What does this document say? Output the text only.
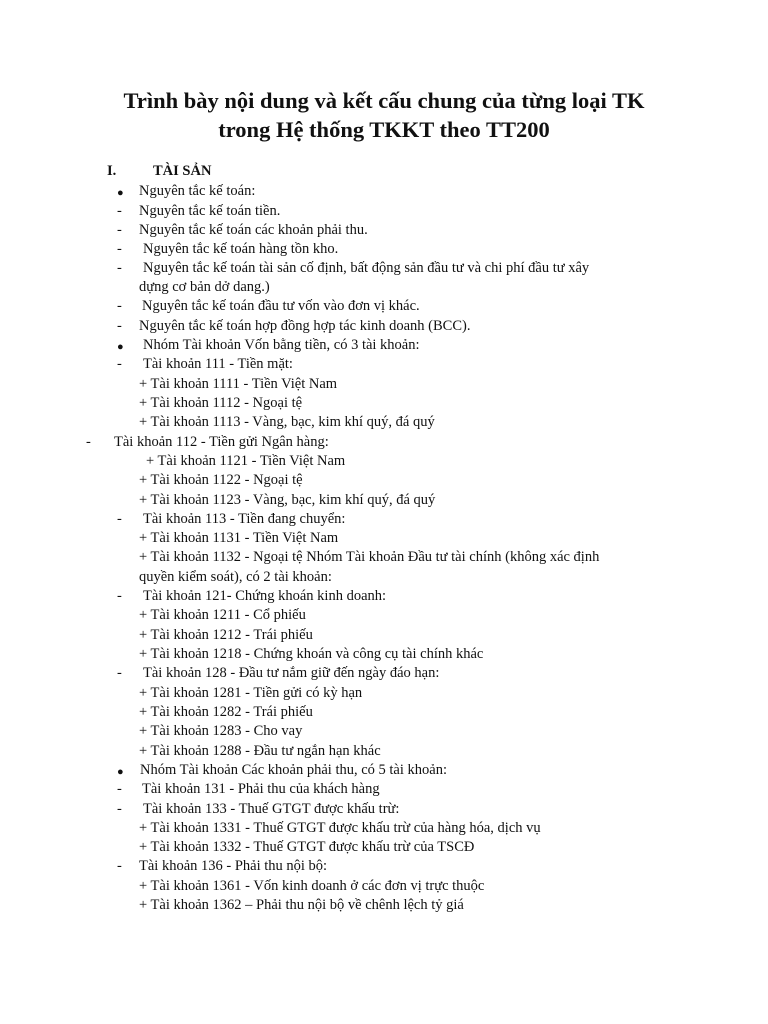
Trình bày nội dung và kết cấu chung của từng loại TK
trong Hệ thống TKKT theo TT200
I.	TÀI SẢN
● Nguyên tắc kế toán:
- Nguyên tắc kế toán tiền.
- Nguyên tắc kế toán các khoản phải thu.
- Nguyên tắc kế toán hàng tồn kho.
- Nguyên tắc kế toán tài sản cố định, bất động sản đầu tư và chi phí đầu tư xây
dựng cơ bản dở dang.)
- Nguyên tắc kế toán đầu tư vốn vào đơn vị khác.
- Nguyên tắc kế toán hợp đồng hợp tác kinh doanh (BCC).
● Nhóm Tài khoản Vốn bằng tiền, có 3 tài khoản:
- Tài khoản 111 - Tiền mặt:
+ Tài khoản 1111 - Tiền Việt Nam
+ Tài khoản 1112 - Ngoại tệ
+ Tài khoản 1113 - Vàng, bạc, kim khí quý, đá quý
- Tài khoản 112 - Tiền gửi Ngân hàng:
+ Tài khoản 1121 - Tiền Việt Nam
+ Tài khoản 1122 - Ngoại tệ
+ Tài khoản 1123 - Vàng, bạc, kim khí quý, đá quý
- Tài khoản 113 - Tiền đang chuyển:
+ Tài khoản 1131 - Tiền Việt Nam
+ Tài khoản 1132 - Ngoại tệ Nhóm Tài khoản Đầu tư tài chính (không xác định
quyền kiểm soát), có 2 tài khoản:
- Tài khoản 121- Chứng khoán kinh doanh:
+ Tài khoản 1211 - Cổ phiếu
+ Tài khoản 1212 - Trái phiếu
+ Tài khoản 1218 - Chứng khoán và công cụ tài chính khác
- Tài khoản 128 - Đầu tư nắm giữ đến ngày đáo hạn:
+ Tài khoản 1281 - Tiền gửi có kỳ hạn
+ Tài khoản 1282 - Trái phiếu
+ Tài khoản 1283 - Cho vay
+ Tài khoản 1288 - Đầu tư ngắn hạn khác
● Nhóm Tài khoản Các khoản phải thu, có 5 tài khoản:
- Tài khoản 131 - Phải thu của khách hàng
- Tài khoản 133 - Thuế GTGT được khấu trừ:
+ Tài khoản 1331 - Thuế GTGT được khấu trừ của hàng hóa, dịch vụ
+ Tài khoản 1332 - Thuế GTGT được khấu trừ của TSCĐ
- Tài khoản 136 - Phải thu nội bộ:
+ Tài khoản 1361 - Vốn kinh doanh ở các đơn vị trực thuộc
+ Tài khoản 1362 – Phải thu nội bộ về chênh lệch tỷ giá
